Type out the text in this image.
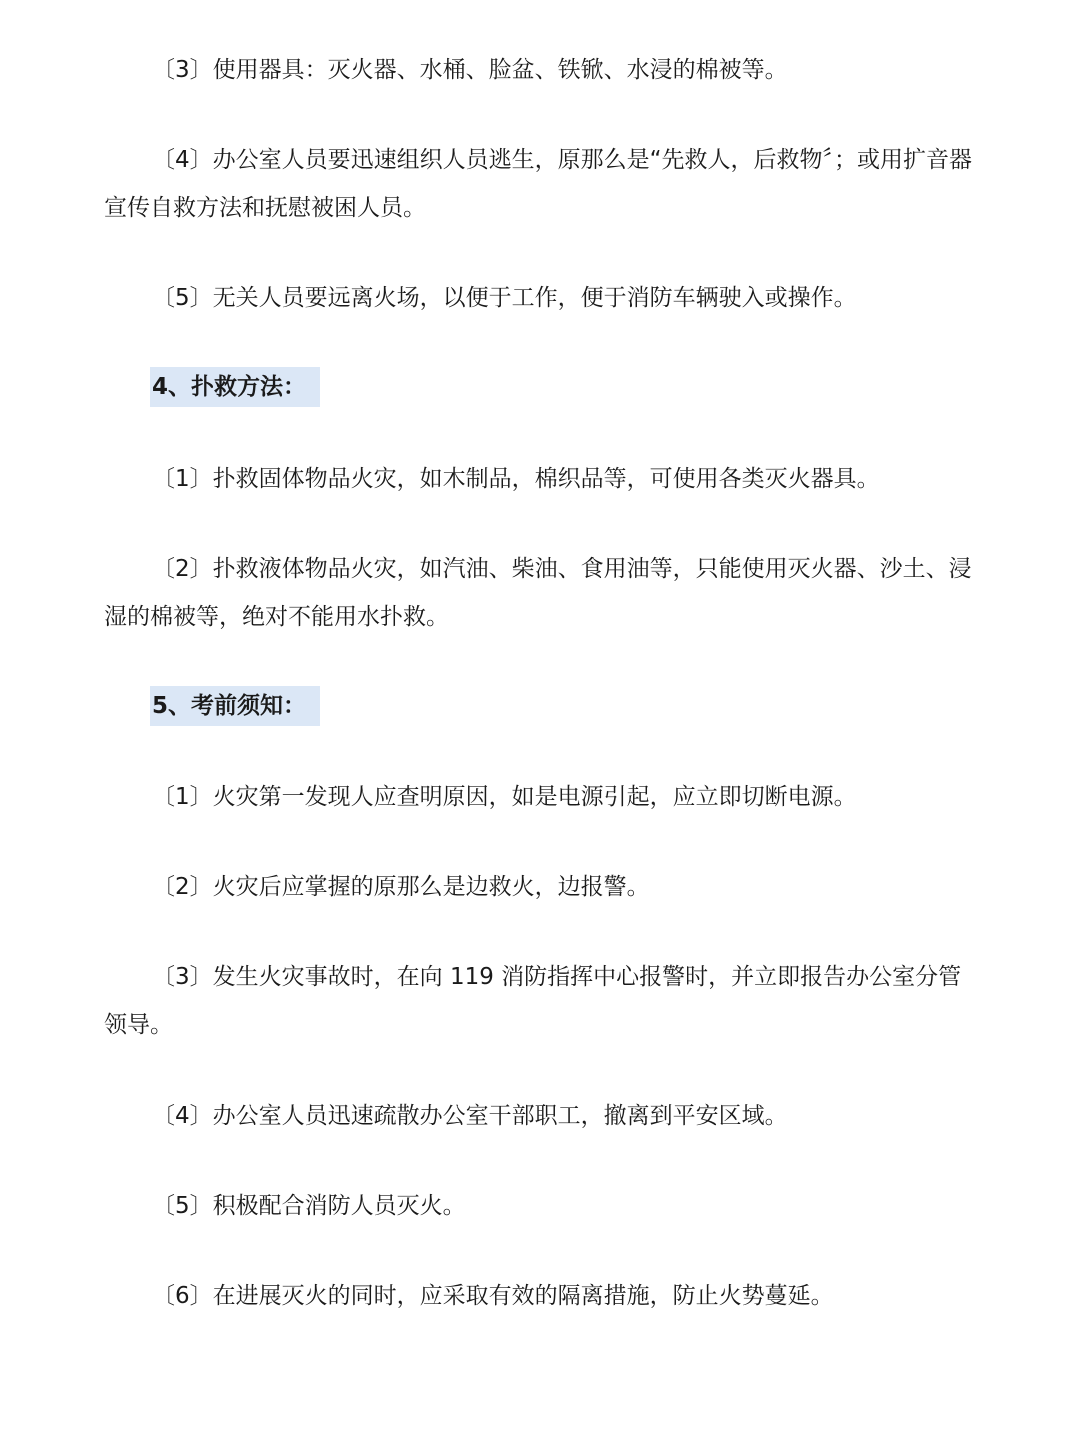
〔3〕使用器具：灭火器、水桶、脸盆、铁锨、水浸的棉被等。

〔4〕办公室人员要迅速组织人员逃生，原那么是“先救人，后救物〞；或用扩音器宣传自救方法和抚慰被困人员。

〔5〕无关人员要远离火场，以便于工作，便于消防车辆驶入或操作。

4、扑救方法：

〔1〕扑救固体物品火灾，如木制品，棉织品等，可使用各类灭火器具。

〔2〕扑救液体物品火灾，如汽油、柴油、食用油等，只能使用灭火器、沙土、浸湿的棉被等，绝对不能用水扑救。

5、考前须知：

〔1〕火灾第一发现人应查明原因，如是电源引起，应立即切断电源。

〔2〕火灾后应掌握的原那么是边救火，边报警。

〔3〕发生火灾事故时，在向 119 消防指挥中心报警时，并立即报告办公室分管领导。

〔4〕办公室人员迅速疏散办公室干部职工，撤离到平安区域。

〔5〕积极配合消防人员灭火。

〔6〕在进展灭火的同时，应采取有效的隔离措施，防止火势蔓延。
